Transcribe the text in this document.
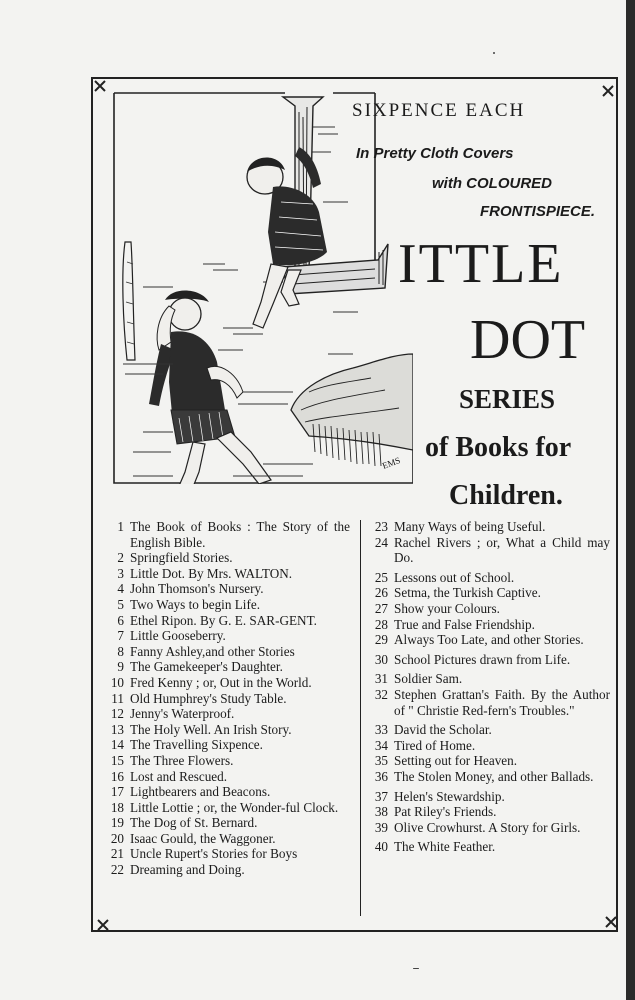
EMS
SIXPENCE EACH
In Pretty Cloth Covers
with COLOURED
FRONTISPIECE.
ITTLE
DOT
SERIES
of Books for
Children.
1 The Book of Books : The Story of the English Bible.
2 Springfield Stories.
3 Little Dot. By Mrs. WALTON.
4 John Thomson's Nursery.
5 Two Ways to begin Life.
6 Ethel Ripon. By G. E. SAR-GENT.
7 Little Gooseberry.
8 Fanny Ashley,and other Stories
9 The Gamekeeper's Daughter.
10 Fred Kenny ; or, Out in the World.
11 Old Humphrey's Study Table.
12 Jenny's Waterproof.
13 The Holy Well. An Irish Story.
14 The Travelling Sixpence.
15 The Three Flowers.
16 Lost and Rescued.
17 Lightbearers and Beacons.
18 Little Lottie ; or, the Wonder-ful Clock.
19 The Dog of St. Bernard.
20 Isaac Gould, the Waggoner.
21 Uncle Rupert's Stories for Boys
22 Dreaming and Doing.
23 Many Ways of being Useful.
24 Rachel Rivers ; or, What a Child may Do.
25 Lessons out of School.
26 Setma, the Turkish Captive.
27 Show your Colours.
28 True and False Friendship.
29 Always Too Late, and other Stories.
30 School Pictures drawn from Life.
31 Soldier Sam.
32 Stephen Grattan's Faith. By the Author of " Christie Red-fern's Troubles."
33 David the Scholar.
34 Tired of Home.
35 Setting out for Heaven.
36 The Stolen Money, and other Ballads.
37 Helen's Stewardship.
38 Pat Riley's Friends.
39 Olive Crowhurst. A Story for Girls.
40 The White Feather.
